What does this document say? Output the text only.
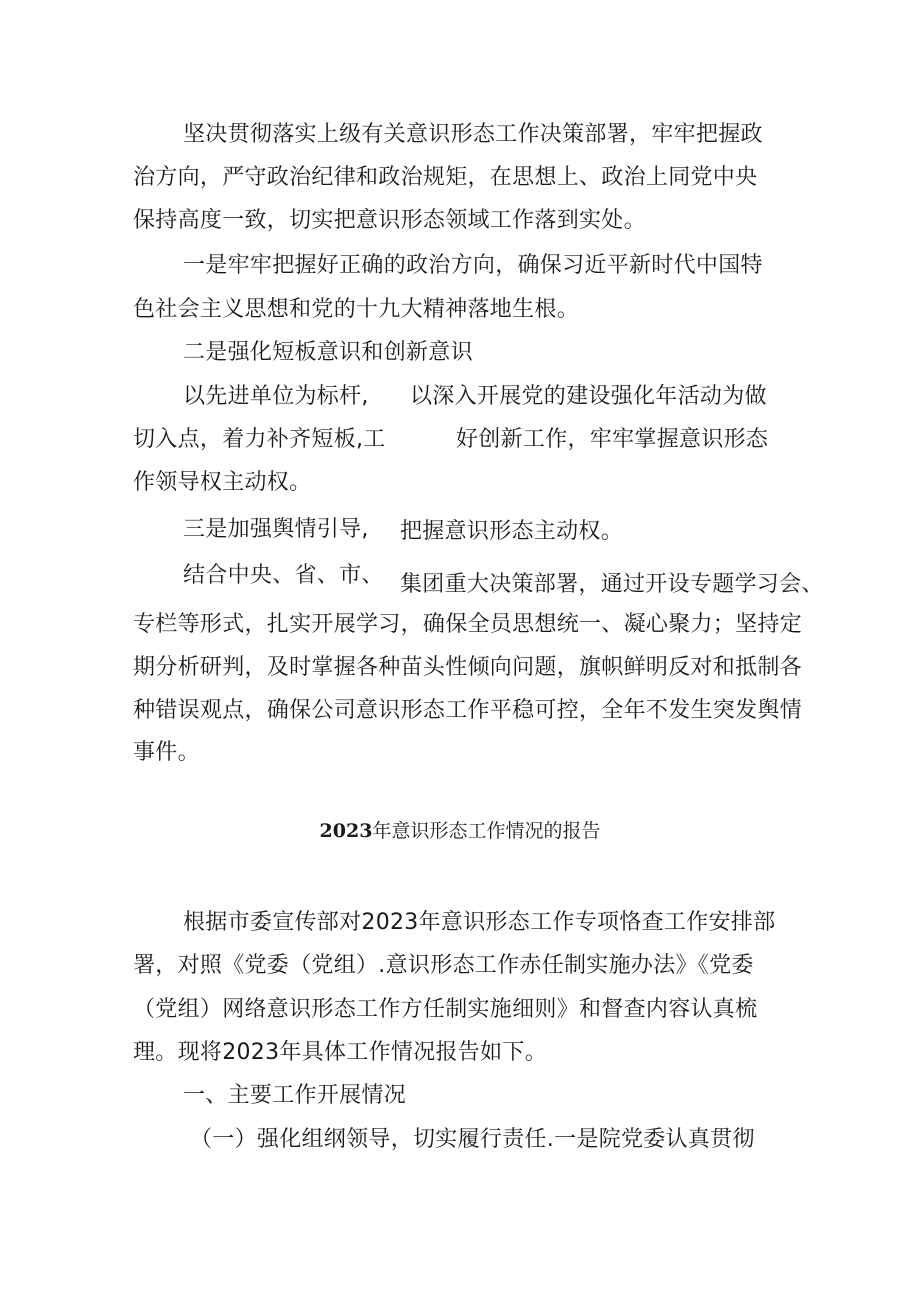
坚决贯彻落实上级有关意识形态工作决策部署，牢牢把握政
治方向，严守政治纪律和政治规矩，在思想上、政治上同党中央
保持高度一致，切实把意识形态领域工作落到实处。
一是牢牢把握好正确的政治方向，确保习近平新时代中国特
色社会主义思想和党的十九大精神落地生根。
二是强化短板意识和创新意识
以先进单位为标杆, 以深入开展党的建设强化年活动为做
切入点，着力补齐短板,工	好创新工作，牢牢掌握意识形态
作领导权主动权。
三是加强舆情引导, 把握意识形态主动权。
结合中央、省、市、 集团重大决策部署，通过开设专题学习会、
专栏等形式，扎实开展学习，确保全员思想统一、凝心聚力；坚持定
期分析研判，及时掌握各种苗头性倾向问题，旗帜鲜明反对和抵制各
种错误观点，确保公司意识形态工作平稳可控，全年不发生突发舆情
事件。
2023年意识形态工作情况的报告
根据市委宣传部对2023年意识形态工作专项恪查工作安排部
署，对照《党委（党组）.意识形态工作赤任制实施办法》《党委
（党组）网络意识形态工作方任制实施细则》和督查内容认真梳
理。现将2023年具体工作情况报告如下。
一、主要工作开展情况
（一）强化组纲领导，切实履行责任.一是院党委认真贯彻
